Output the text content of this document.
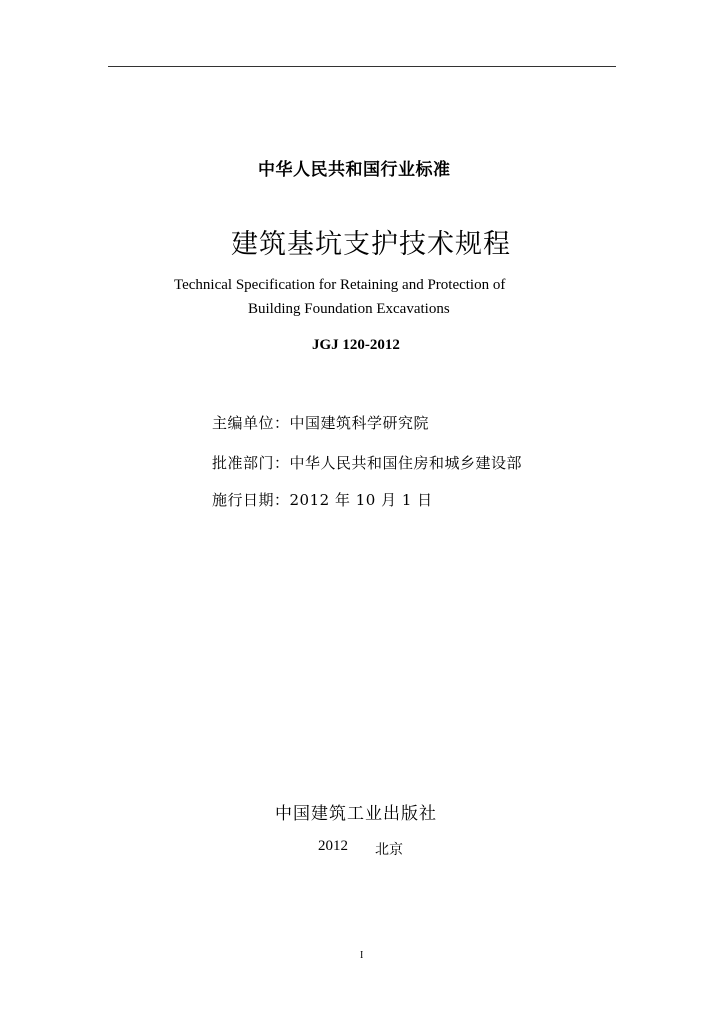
中华人民共和国行业标准
建筑基坑支护技术规程
Technical Specification for Retaining and Protection of
Building Foundation Excavations
JGJ 120-2012
主编单位：中国建筑科学研究院
批准部门：中华人民共和国住房和城乡建设部
施行日期：2012 年 10 月 1 日
中国建筑工业出版社
2012 北京
I
